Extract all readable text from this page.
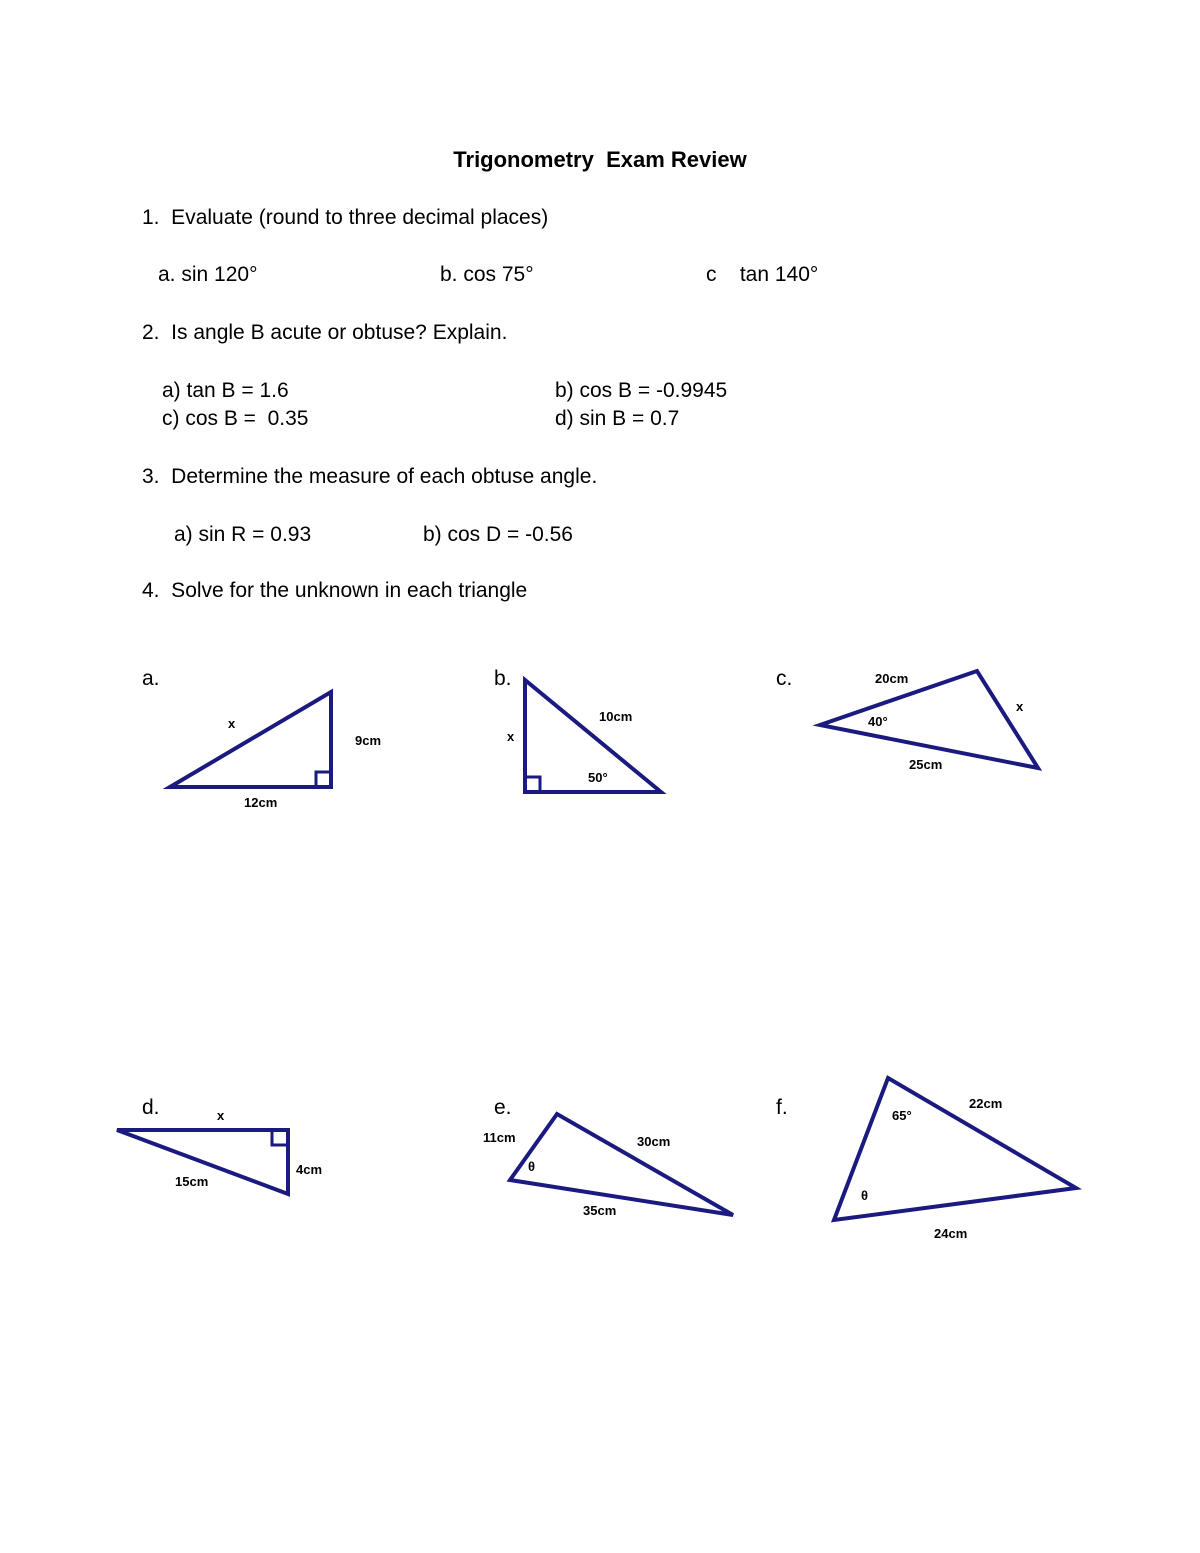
Trigonometry  Exam Review
1.  Evaluate (round to three decimal places)
a. sin 120°	b. cos 75°	c    tan 140°
2.  Is angle B acute or obtuse? Explain.
a) tan B = 1.6	b) cos B = -0.9945
c) cos B =  0.35	d) sin B = 0.7
3.  Determine the measure of each obtuse angle.
a) sin R = 0.93	b) cos D = -0.56
4.  Solve for the unknown in each triangle
a.	b.	c.
d.	e.	f.
x
9cm
12cm
x
10cm
50°
20cm
40°
x
25cm
x
15cm
4cm
11cm	30cm
θ
35cm
65°
22cm
θ
24cm
